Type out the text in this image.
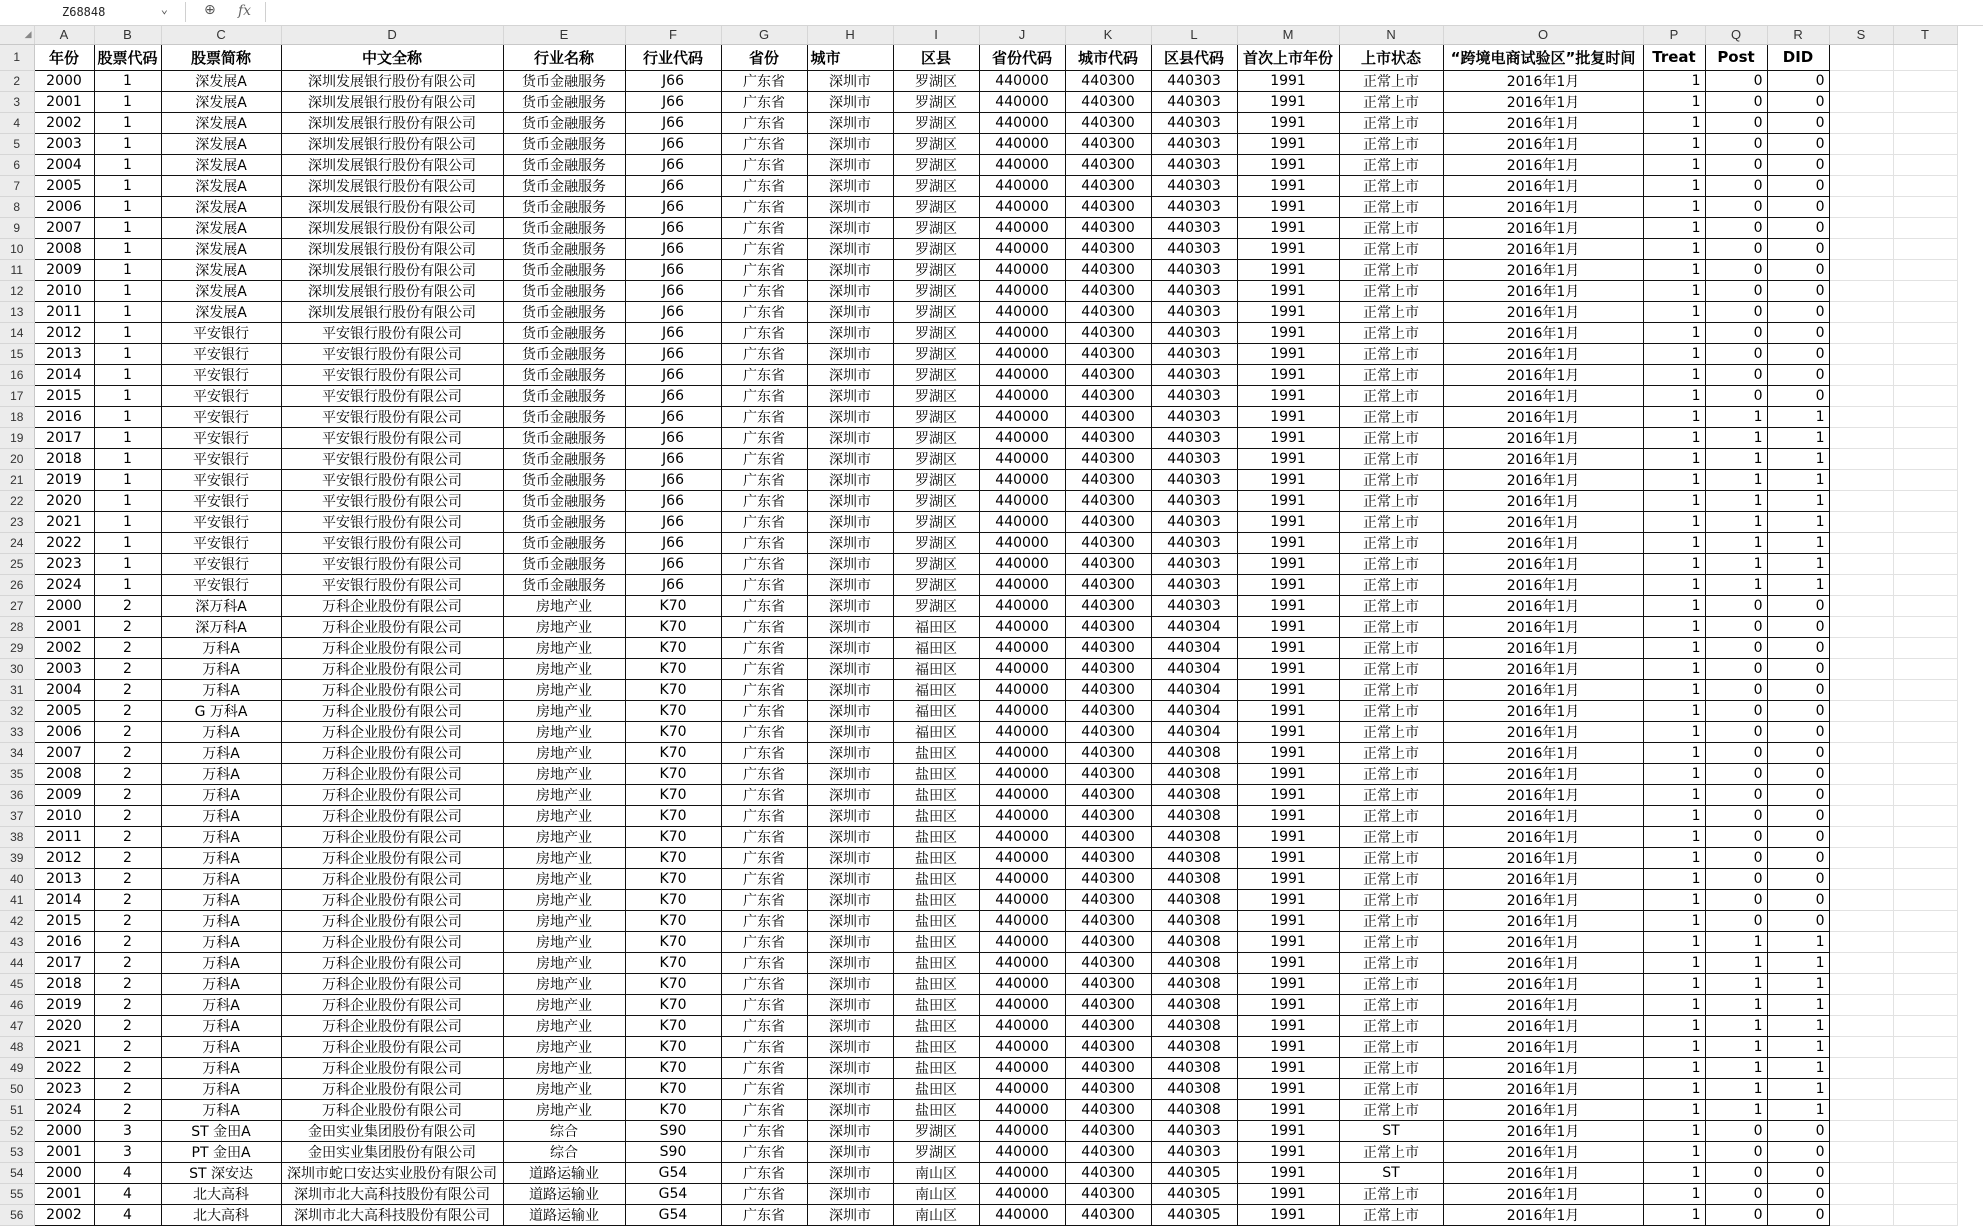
Z68848	⌄	⊕ fx
◢	A	B	C	D	E	F	G	H	I	J	K	L	M	N	O	P	Q	R	S	T
1	年份	股票代码	股票简称	中文全称	行业名称	行业代码	省份	城市	区县	省份代码	城市代码	区县代码	首次上市年份	上市状态	“跨境电商试验区”批复时间	Treat	Post	DID		
2	2000	1	深发展A	深圳发展银行股份有限公司	货币金融服务	J66	广东省	深圳市	罗湖区	440000	440300	440303	1991	正常上市	2016年1月	1	0	0		
3	2001	1	深发展A	深圳发展银行股份有限公司	货币金融服务	J66	广东省	深圳市	罗湖区	440000	440300	440303	1991	正常上市	2016年1月	1	0	0		
4	2002	1	深发展A	深圳发展银行股份有限公司	货币金融服务	J66	广东省	深圳市	罗湖区	440000	440300	440303	1991	正常上市	2016年1月	1	0	0		
5	2003	1	深发展A	深圳发展银行股份有限公司	货币金融服务	J66	广东省	深圳市	罗湖区	440000	440300	440303	1991	正常上市	2016年1月	1	0	0		
6	2004	1	深发展A	深圳发展银行股份有限公司	货币金融服务	J66	广东省	深圳市	罗湖区	440000	440300	440303	1991	正常上市	2016年1月	1	0	0		
7	2005	1	深发展A	深圳发展银行股份有限公司	货币金融服务	J66	广东省	深圳市	罗湖区	440000	440300	440303	1991	正常上市	2016年1月	1	0	0		
8	2006	1	深发展A	深圳发展银行股份有限公司	货币金融服务	J66	广东省	深圳市	罗湖区	440000	440300	440303	1991	正常上市	2016年1月	1	0	0		
9	2007	1	深发展A	深圳发展银行股份有限公司	货币金融服务	J66	广东省	深圳市	罗湖区	440000	440300	440303	1991	正常上市	2016年1月	1	0	0		
10	2008	1	深发展A	深圳发展银行股份有限公司	货币金融服务	J66	广东省	深圳市	罗湖区	440000	440300	440303	1991	正常上市	2016年1月	1	0	0		
11	2009	1	深发展A	深圳发展银行股份有限公司	货币金融服务	J66	广东省	深圳市	罗湖区	440000	440300	440303	1991	正常上市	2016年1月	1	0	0		
12	2010	1	深发展A	深圳发展银行股份有限公司	货币金融服务	J66	广东省	深圳市	罗湖区	440000	440300	440303	1991	正常上市	2016年1月	1	0	0		
13	2011	1	深发展A	深圳发展银行股份有限公司	货币金融服务	J66	广东省	深圳市	罗湖区	440000	440300	440303	1991	正常上市	2016年1月	1	0	0		
14	2012	1	平安银行	平安银行股份有限公司	货币金融服务	J66	广东省	深圳市	罗湖区	440000	440300	440303	1991	正常上市	2016年1月	1	0	0		
15	2013	1	平安银行	平安银行股份有限公司	货币金融服务	J66	广东省	深圳市	罗湖区	440000	440300	440303	1991	正常上市	2016年1月	1	0	0		
16	2014	1	平安银行	平安银行股份有限公司	货币金融服务	J66	广东省	深圳市	罗湖区	440000	440300	440303	1991	正常上市	2016年1月	1	0	0		
17	2015	1	平安银行	平安银行股份有限公司	货币金融服务	J66	广东省	深圳市	罗湖区	440000	440300	440303	1991	正常上市	2016年1月	1	0	0		
18	2016	1	平安银行	平安银行股份有限公司	货币金融服务	J66	广东省	深圳市	罗湖区	440000	440300	440303	1991	正常上市	2016年1月	1	1	1		
19	2017	1	平安银行	平安银行股份有限公司	货币金融服务	J66	广东省	深圳市	罗湖区	440000	440300	440303	1991	正常上市	2016年1月	1	1	1		
20	2018	1	平安银行	平安银行股份有限公司	货币金融服务	J66	广东省	深圳市	罗湖区	440000	440300	440303	1991	正常上市	2016年1月	1	1	1		
21	2019	1	平安银行	平安银行股份有限公司	货币金融服务	J66	广东省	深圳市	罗湖区	440000	440300	440303	1991	正常上市	2016年1月	1	1	1		
22	2020	1	平安银行	平安银行股份有限公司	货币金融服务	J66	广东省	深圳市	罗湖区	440000	440300	440303	1991	正常上市	2016年1月	1	1	1		
23	2021	1	平安银行	平安银行股份有限公司	货币金融服务	J66	广东省	深圳市	罗湖区	440000	440300	440303	1991	正常上市	2016年1月	1	1	1		
24	2022	1	平安银行	平安银行股份有限公司	货币金融服务	J66	广东省	深圳市	罗湖区	440000	440300	440303	1991	正常上市	2016年1月	1	1	1		
25	2023	1	平安银行	平安银行股份有限公司	货币金融服务	J66	广东省	深圳市	罗湖区	440000	440300	440303	1991	正常上市	2016年1月	1	1	1		
26	2024	1	平安银行	平安银行股份有限公司	货币金融服务	J66	广东省	深圳市	罗湖区	440000	440300	440303	1991	正常上市	2016年1月	1	1	1		
27	2000	2	深万科A	万科企业股份有限公司	房地产业	K70	广东省	深圳市	罗湖区	440000	440300	440303	1991	正常上市	2016年1月	1	0	0		
28	2001	2	深万科A	万科企业股份有限公司	房地产业	K70	广东省	深圳市	福田区	440000	440300	440304	1991	正常上市	2016年1月	1	0	0		
29	2002	2	万科A	万科企业股份有限公司	房地产业	K70	广东省	深圳市	福田区	440000	440300	440304	1991	正常上市	2016年1月	1	0	0		
30	2003	2	万科A	万科企业股份有限公司	房地产业	K70	广东省	深圳市	福田区	440000	440300	440304	1991	正常上市	2016年1月	1	0	0		
31	2004	2	万科A	万科企业股份有限公司	房地产业	K70	广东省	深圳市	福田区	440000	440300	440304	1991	正常上市	2016年1月	1	0	0		
32	2005	2	G 万科A	万科企业股份有限公司	房地产业	K70	广东省	深圳市	福田区	440000	440300	440304	1991	正常上市	2016年1月	1	0	0		
33	2006	2	万科A	万科企业股份有限公司	房地产业	K70	广东省	深圳市	福田区	440000	440300	440304	1991	正常上市	2016年1月	1	0	0		
34	2007	2	万科A	万科企业股份有限公司	房地产业	K70	广东省	深圳市	盐田区	440000	440300	440308	1991	正常上市	2016年1月	1	0	0		
35	2008	2	万科A	万科企业股份有限公司	房地产业	K70	广东省	深圳市	盐田区	440000	440300	440308	1991	正常上市	2016年1月	1	0	0		
36	2009	2	万科A	万科企业股份有限公司	房地产业	K70	广东省	深圳市	盐田区	440000	440300	440308	1991	正常上市	2016年1月	1	0	0		
37	2010	2	万科A	万科企业股份有限公司	房地产业	K70	广东省	深圳市	盐田区	440000	440300	440308	1991	正常上市	2016年1月	1	0	0		
38	2011	2	万科A	万科企业股份有限公司	房地产业	K70	广东省	深圳市	盐田区	440000	440300	440308	1991	正常上市	2016年1月	1	0	0		
39	2012	2	万科A	万科企业股份有限公司	房地产业	K70	广东省	深圳市	盐田区	440000	440300	440308	1991	正常上市	2016年1月	1	0	0		
40	2013	2	万科A	万科企业股份有限公司	房地产业	K70	广东省	深圳市	盐田区	440000	440300	440308	1991	正常上市	2016年1月	1	0	0		
41	2014	2	万科A	万科企业股份有限公司	房地产业	K70	广东省	深圳市	盐田区	440000	440300	440308	1991	正常上市	2016年1月	1	0	0		
42	2015	2	万科A	万科企业股份有限公司	房地产业	K70	广东省	深圳市	盐田区	440000	440300	440308	1991	正常上市	2016年1月	1	0	0		
43	2016	2	万科A	万科企业股份有限公司	房地产业	K70	广东省	深圳市	盐田区	440000	440300	440308	1991	正常上市	2016年1月	1	1	1		
44	2017	2	万科A	万科企业股份有限公司	房地产业	K70	广东省	深圳市	盐田区	440000	440300	440308	1991	正常上市	2016年1月	1	1	1		
45	2018	2	万科A	万科企业股份有限公司	房地产业	K70	广东省	深圳市	盐田区	440000	440300	440308	1991	正常上市	2016年1月	1	1	1		
46	2019	2	万科A	万科企业股份有限公司	房地产业	K70	广东省	深圳市	盐田区	440000	440300	440308	1991	正常上市	2016年1月	1	1	1		
47	2020	2	万科A	万科企业股份有限公司	房地产业	K70	广东省	深圳市	盐田区	440000	440300	440308	1991	正常上市	2016年1月	1	1	1		
48	2021	2	万科A	万科企业股份有限公司	房地产业	K70	广东省	深圳市	盐田区	440000	440300	440308	1991	正常上市	2016年1月	1	1	1		
49	2022	2	万科A	万科企业股份有限公司	房地产业	K70	广东省	深圳市	盐田区	440000	440300	440308	1991	正常上市	2016年1月	1	1	1		
50	2023	2	万科A	万科企业股份有限公司	房地产业	K70	广东省	深圳市	盐田区	440000	440300	440308	1991	正常上市	2016年1月	1	1	1		
51	2024	2	万科A	万科企业股份有限公司	房地产业	K70	广东省	深圳市	盐田区	440000	440300	440308	1991	正常上市	2016年1月	1	1	1		
52	2000	3	ST 金田A	金田实业集团股份有限公司	综合	S90	广东省	深圳市	罗湖区	440000	440300	440303	1991	ST	2016年1月	1	0	0		
53	2001	3	PT 金田A	金田实业集团股份有限公司	综合	S90	广东省	深圳市	罗湖区	440000	440300	440303	1991	正常上市	2016年1月	1	0	0		
54	2000	4	ST 深安达	深圳市蛇口安达实业股份有限公司	道路运输业	G54	广东省	深圳市	南山区	440000	440300	440305	1991	ST	2016年1月	1	0	0		
55	2001	4	北大高科	深圳市北大高科技股份有限公司	道路运输业	G54	广东省	深圳市	南山区	440000	440300	440305	1991	正常上市	2016年1月	1	0	0		
56	2002	4	北大高科	深圳市北大高科技股份有限公司	道路运输业	G54	广东省	深圳市	南山区	440000	440300	440305	1991	正常上市	2016年1月	1	0	0		
